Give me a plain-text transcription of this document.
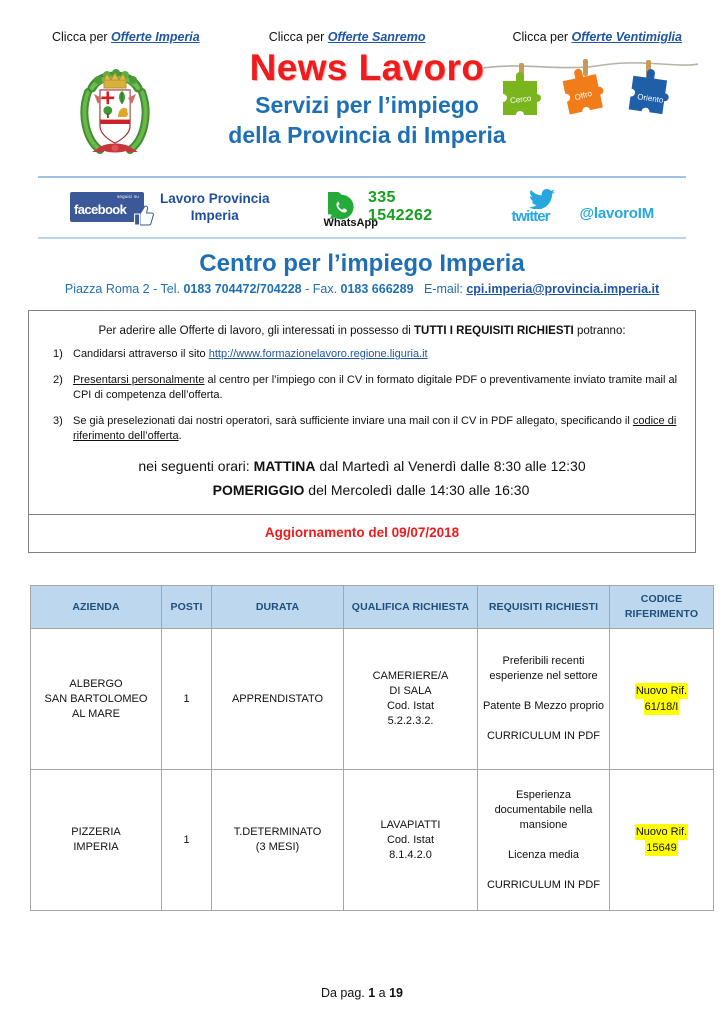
Clicca per Offerte Imperia	Clicca per Offerte Sanremo	Clicca per Offerte Ventimiglia
News Lavoro
Servizi per l’impiego
della Provincia di Imperia
Cerco	Offro	Oriento
seguici su
facebook
Lavoro Provincia
Imperia	WhatsApp
335 1542262	twitter @lavoroIM
Centro per l’impiego Imperia
Piazza Roma 2 - Tel. 0183 704472/704228 - Fax. 0183 666289 E-mail: cpi.imperia@provincia.imperia.it
Per aderire alle Offerte di lavoro, gli interessati in possesso di TUTTI I REQUISITI RICHIESTI potranno:
1) Candidarsi attraverso il sito http://www.formazionelavoro.regione.liguria.it
2) Presentarsi personalmente al centro per l’impiego con il CV in formato digitale PDF o preventivamente inviato tramite mail al CPI di competenza dell’offerta.
3) Se già preselezionati dai nostri operatori, sarà sufficiente inviare una mail con il CV in PDF allegato, specificando il codice di riferimento dell’offerta.
nei seguenti orari: MATTINA dal Martedì al Venerdì dalle 8:30 alle 12:30
POMERIGGIO del Mercoledì dalle 14:30 alle 16:30
Aggiornamento del 09/07/2018
AZIENDA	POSTI	DURATA	QUALIFICA RICHIESTA	REQUISITI RICHIESTI	CODICE
RIFERIMENTO
ALBERGO
SAN BARTOLOMEO
AL MARE	1	APPRENDISTATO	CAMERIERE/A
DI SALA
Cod. Istat
5.2.2.3.2.	Preferibili recenti esperienze nel settore

Patente B Mezzo proprio

CURRICULUM IN PDF	Nuovo Rif.
61/18/I
PIZZERIA
IMPERIA	1	T.DETERMINATO
(3 MESI)	LAVAPIATTI
Cod. Istat
8.1.4.2.0	Esperienza documentabile nella mansione

Licenza media

CURRICULUM IN PDF	Nuovo Rif.
15649
Da pag. 1 a 19
